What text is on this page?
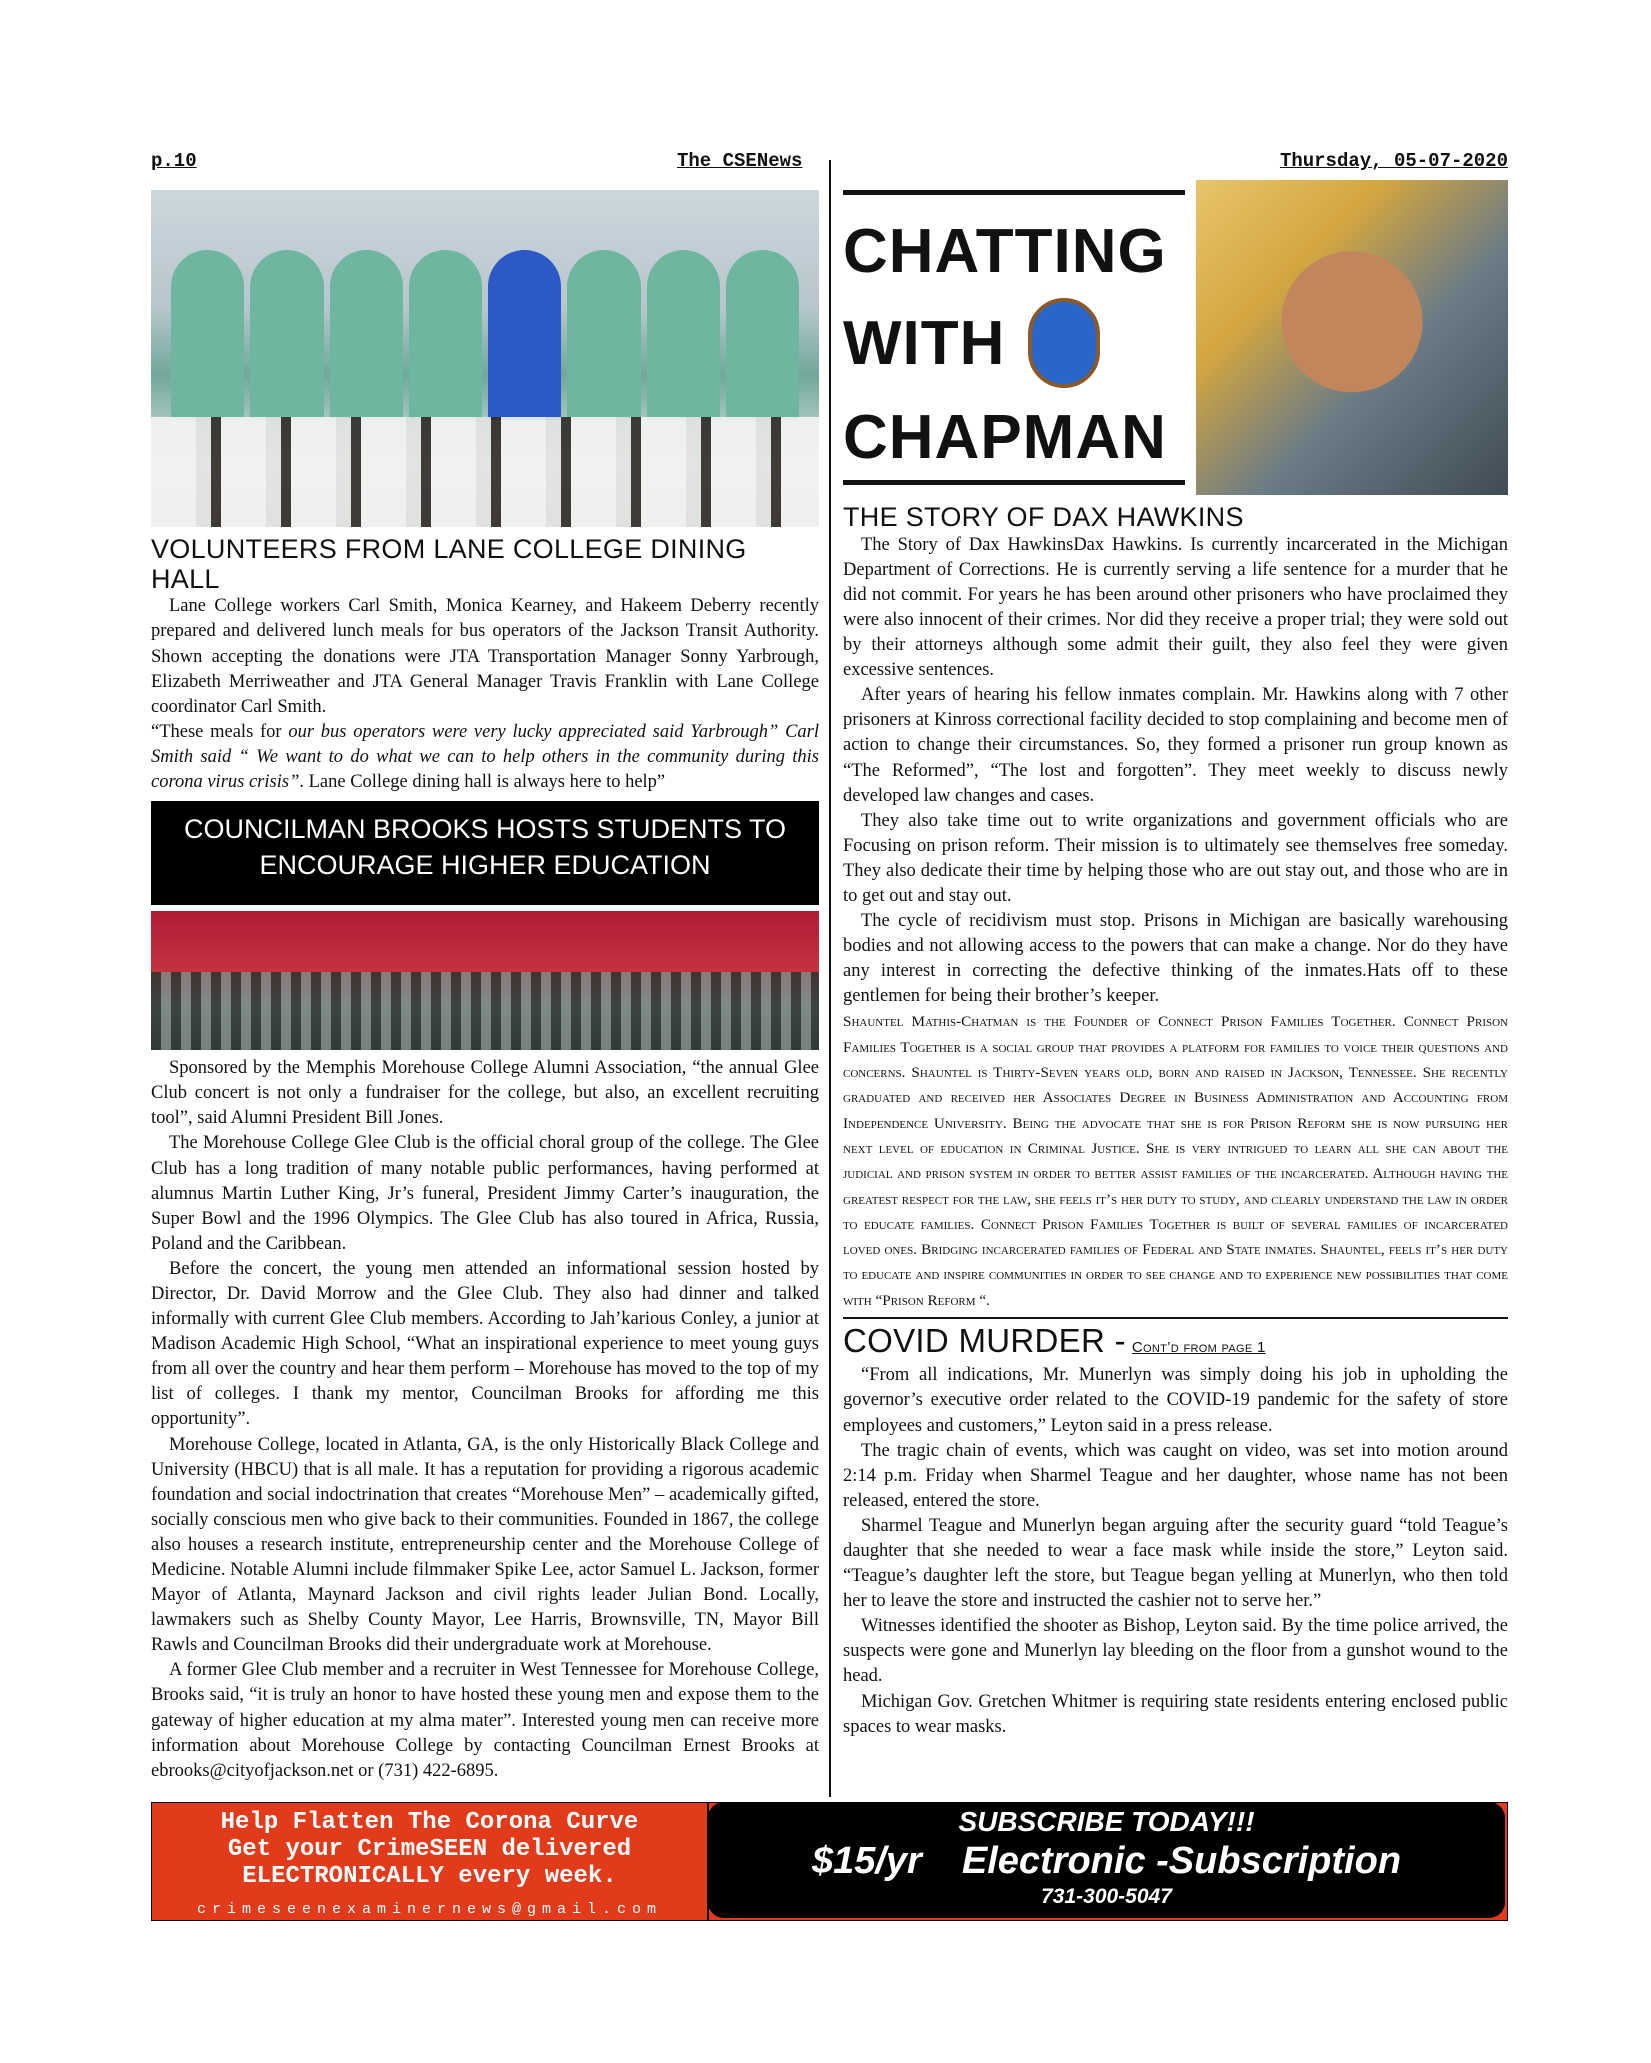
p.10	The CSENews	Thursday, 05-07-2020
VOLUNTEERS FROM LANE COLLEGE DINING HALL

Lane College workers Carl Smith, Monica Kearney, and Hakeem Deberry recently prepared and delivered lunch meals for bus operators of the Jackson Transit Authority. Shown accepting the donations were JTA Transportation Manager Sonny Yarbrough, Elizabeth Merriweather and JTA General Manager Travis Franklin with Lane College coordinator Carl Smith.

“These meals for our bus operators were very lucky appreciated said Yarbrough” Carl Smith said “ We want to do what we can to help others in the community during this corona virus crisis”. Lane College dining hall is always here to help”
COUNCILMAN BROOKS HOSTS STUDENTS TO ENCOURAGE HIGHER EDUCATION

Sponsored by the Memphis Morehouse College Alumni Association, “the annual Glee Club concert is not only a fundraiser for the college, but also, an excellent recruiting tool”, said Alumni President Bill Jones.

The Morehouse College Glee Club is the official choral group of the college. The Glee Club has a long tradition of many notable public performances, having performed at alumnus Martin Luther King, Jr’s funeral, President Jimmy Carter’s inauguration, the Super Bowl and the 1996 Olympics. The Glee Club has also toured in Africa, Russia, Poland and the Caribbean.

Before the concert, the young men attended an informational session hosted by Director, Dr. David Morrow and the Glee Club. They also had dinner and talked informally with current Glee Club members. According to Jah’karious Conley, a junior at Madison Academic High School, “What an inspirational experience to meet young guys from all over the country and hear them perform – Morehouse has moved to the top of my list of colleges. I thank my mentor, Councilman Brooks for affording me this opportunity”.

Morehouse College, located in Atlanta, GA, is the only Historically Black College and University (HBCU) that is all male. It has a reputation for providing a rigorous academic foundation and social indoctrination that creates “Morehouse Men” – academically gifted, socially conscious men who give back to their communities. Founded in 1867, the college also houses a research institute, entrepreneurship center and the Morehouse College of Medicine. Notable Alumni include filmmaker Spike Lee, actor Samuel L. Jackson, former Mayor of Atlanta, Maynard Jackson and civil rights leader Julian Bond. Locally, lawmakers such as Shelby County Mayor, Lee Harris, Brownsville, TN, Mayor Bill Rawls and Councilman Brooks did their undergraduate work at Morehouse.

A former Glee Club member and a recruiter in West Tennessee for Morehouse College, Brooks said, “it is truly an honor to have hosted these young men and expose them to the gateway of higher education at my alma mater”. Interested young men can receive more information about Morehouse College by contacting Councilman Ernest Brooks at ebrooks@cityofjackson.net or (731) 422-6895.

CHATTING
WITH
CHAPMAN
THE STORY OF DAX HAWKINS

The Story of Dax HawkinsDax Hawkins. Is currently incarcerated in the Michigan Department of Corrections. He is currently serving a life sentence for a murder that he did not commit. For years he has been around other prisoners who have proclaimed they were also innocent of their crimes. Nor did they receive a proper trial; they were sold out by their attorneys although some admit their guilt, they also feel they were given excessive sentences.

After years of hearing his fellow inmates complain. Mr. Hawkins along with 7 other prisoners at Kinross correctional facility decided to stop complaining and become men of action to change their circumstances. So, they formed a prisoner run group known as “The Reformed”, “The lost and forgotten”. They meet weekly to discuss newly developed law changes and cases.

They also take time out to write organizations and government officials who are Focusing on prison reform. Their mission is to ultimately see themselves free someday. They also dedicate their time by helping those who are out stay out, and those who are in to get out and stay out.

The cycle of recidivism must stop. Prisons in Michigan are basically warehousing bodies and not allowing access to the powers that can make a change. Nor do they have any interest in correcting the defective thinking of the inmates.Hats off to these gentlemen for being their brother’s keeper.

Shauntel Mathis-Chatman is the Founder of Connect Prison Families Together. Connect Prison Families Together is a social group that provides a platform for families to voice their questions and concerns. Shauntel is Thirty-Seven years old, born and raised in Jackson, Tennessee. She recently graduated and received her Associates Degree in Business Administration and Accounting from Independence University. Being the advocate that she is for Prison Reform she is now pursuing her next level of education in Criminal Justice. She is very intrigued to learn all she can about the judicial and prison system in order to better assist families of the incarcerated. Although having the greatest respect for the law, she feels it’s her duty to study, and clearly understand the law in order to educate families. Connect Prison Families Together is built of several families of incarcerated loved ones. Bridging incarcerated families of Federal and State inmates. Shauntel, feels it’s her duty to educate and inspire communities in order to see change and to experience new possibilities that come with “Prison Reform “.
COVID MURDER - Cont’d from page 1

“From all indications, Mr. Munerlyn was simply doing his job in upholding the governor’s executive order related to the COVID-19 pandemic for the safety of store employees and customers,” Leyton said in a press release.

The tragic chain of events, which was caught on video, was set into motion around 2:14 p.m. Friday when Sharmel Teague and her daughter, whose name has not been released, entered the store.

Sharmel Teague and Munerlyn began arguing after the security guard “told Teague’s daughter that she needed to wear a face mask while inside the store,” Leyton said. “Teague’s daughter left the store, but Teague began yelling at Munerlyn, who then told her to leave the store and instructed the cashier not to serve her.”

Witnesses identified the shooter as Bishop, Leyton said. By the time police arrived, the suspects were gone and Munerlyn lay bleeding on the floor from a gunshot wound to the head.

Michigan Gov. Gretchen Whitmer is requiring state residents entering enclosed public spaces to wear masks.

Help Flatten The Corona Curve
Get your CrimeSEEN delivered
ELECTRONICALLY every week.
crimeseenexaminernews@gmail.com
SUBSCRIBE TODAY!!!
$15/yr Electronic -Subscription
731-300-5047
